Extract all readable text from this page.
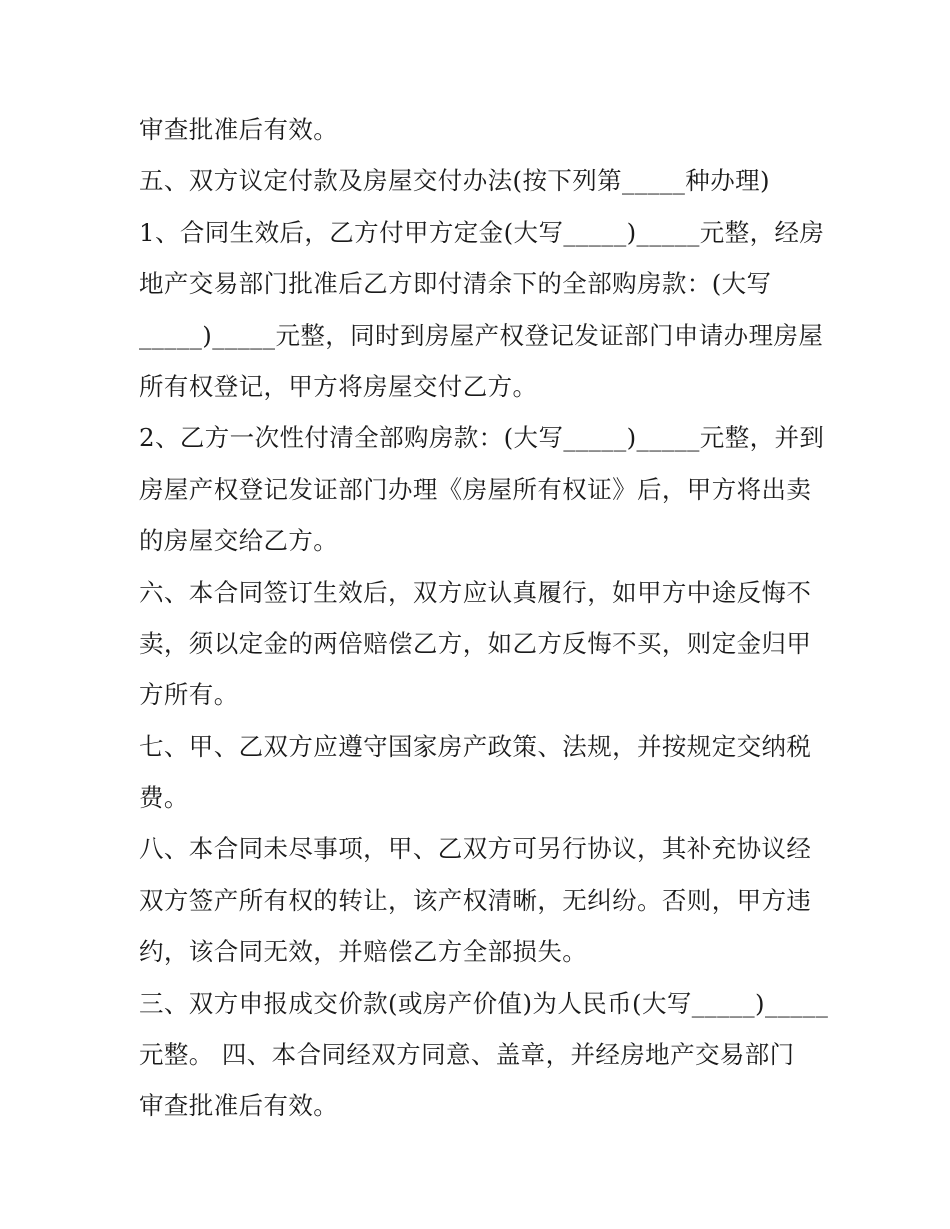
审查批准后有效。
五、双方议定付款及房屋交付办法(按下列第_____种办理)
1、合同生效后，乙方付甲方定金(大写_____)_____元整，经房
地产交易部门批准后乙方即付清余下的全部购房款：(大写
_____)_____元整，同时到房屋产权登记发证部门申请办理房屋
所有权登记，甲方将房屋交付乙方。
2、乙方一次性付清全部购房款：(大写_____)_____元整，并到
房屋产权登记发证部门办理《房屋所有权证》后，甲方将出卖
的房屋交给乙方。
六、本合同签订生效后，双方应认真履行，如甲方中途反悔不
卖，须以定金的两倍赔偿乙方，如乙方反悔不买，则定金归甲
方所有。
七、甲、乙双方应遵守国家房产政策、法规，并按规定交纳税
费。
八、本合同未尽事项，甲、乙双方可另行协议，其补充协议经
双方签产所有权的转让，该产权清晰，无纠纷。否则，甲方违
约，该合同无效，并赔偿乙方全部损失。
三、双方申报成交价款(或房产价值)为人民币(大写_____)_____
元整。 四、本合同经双方同意、盖章，并经房地产交易部门
审查批准后有效。
